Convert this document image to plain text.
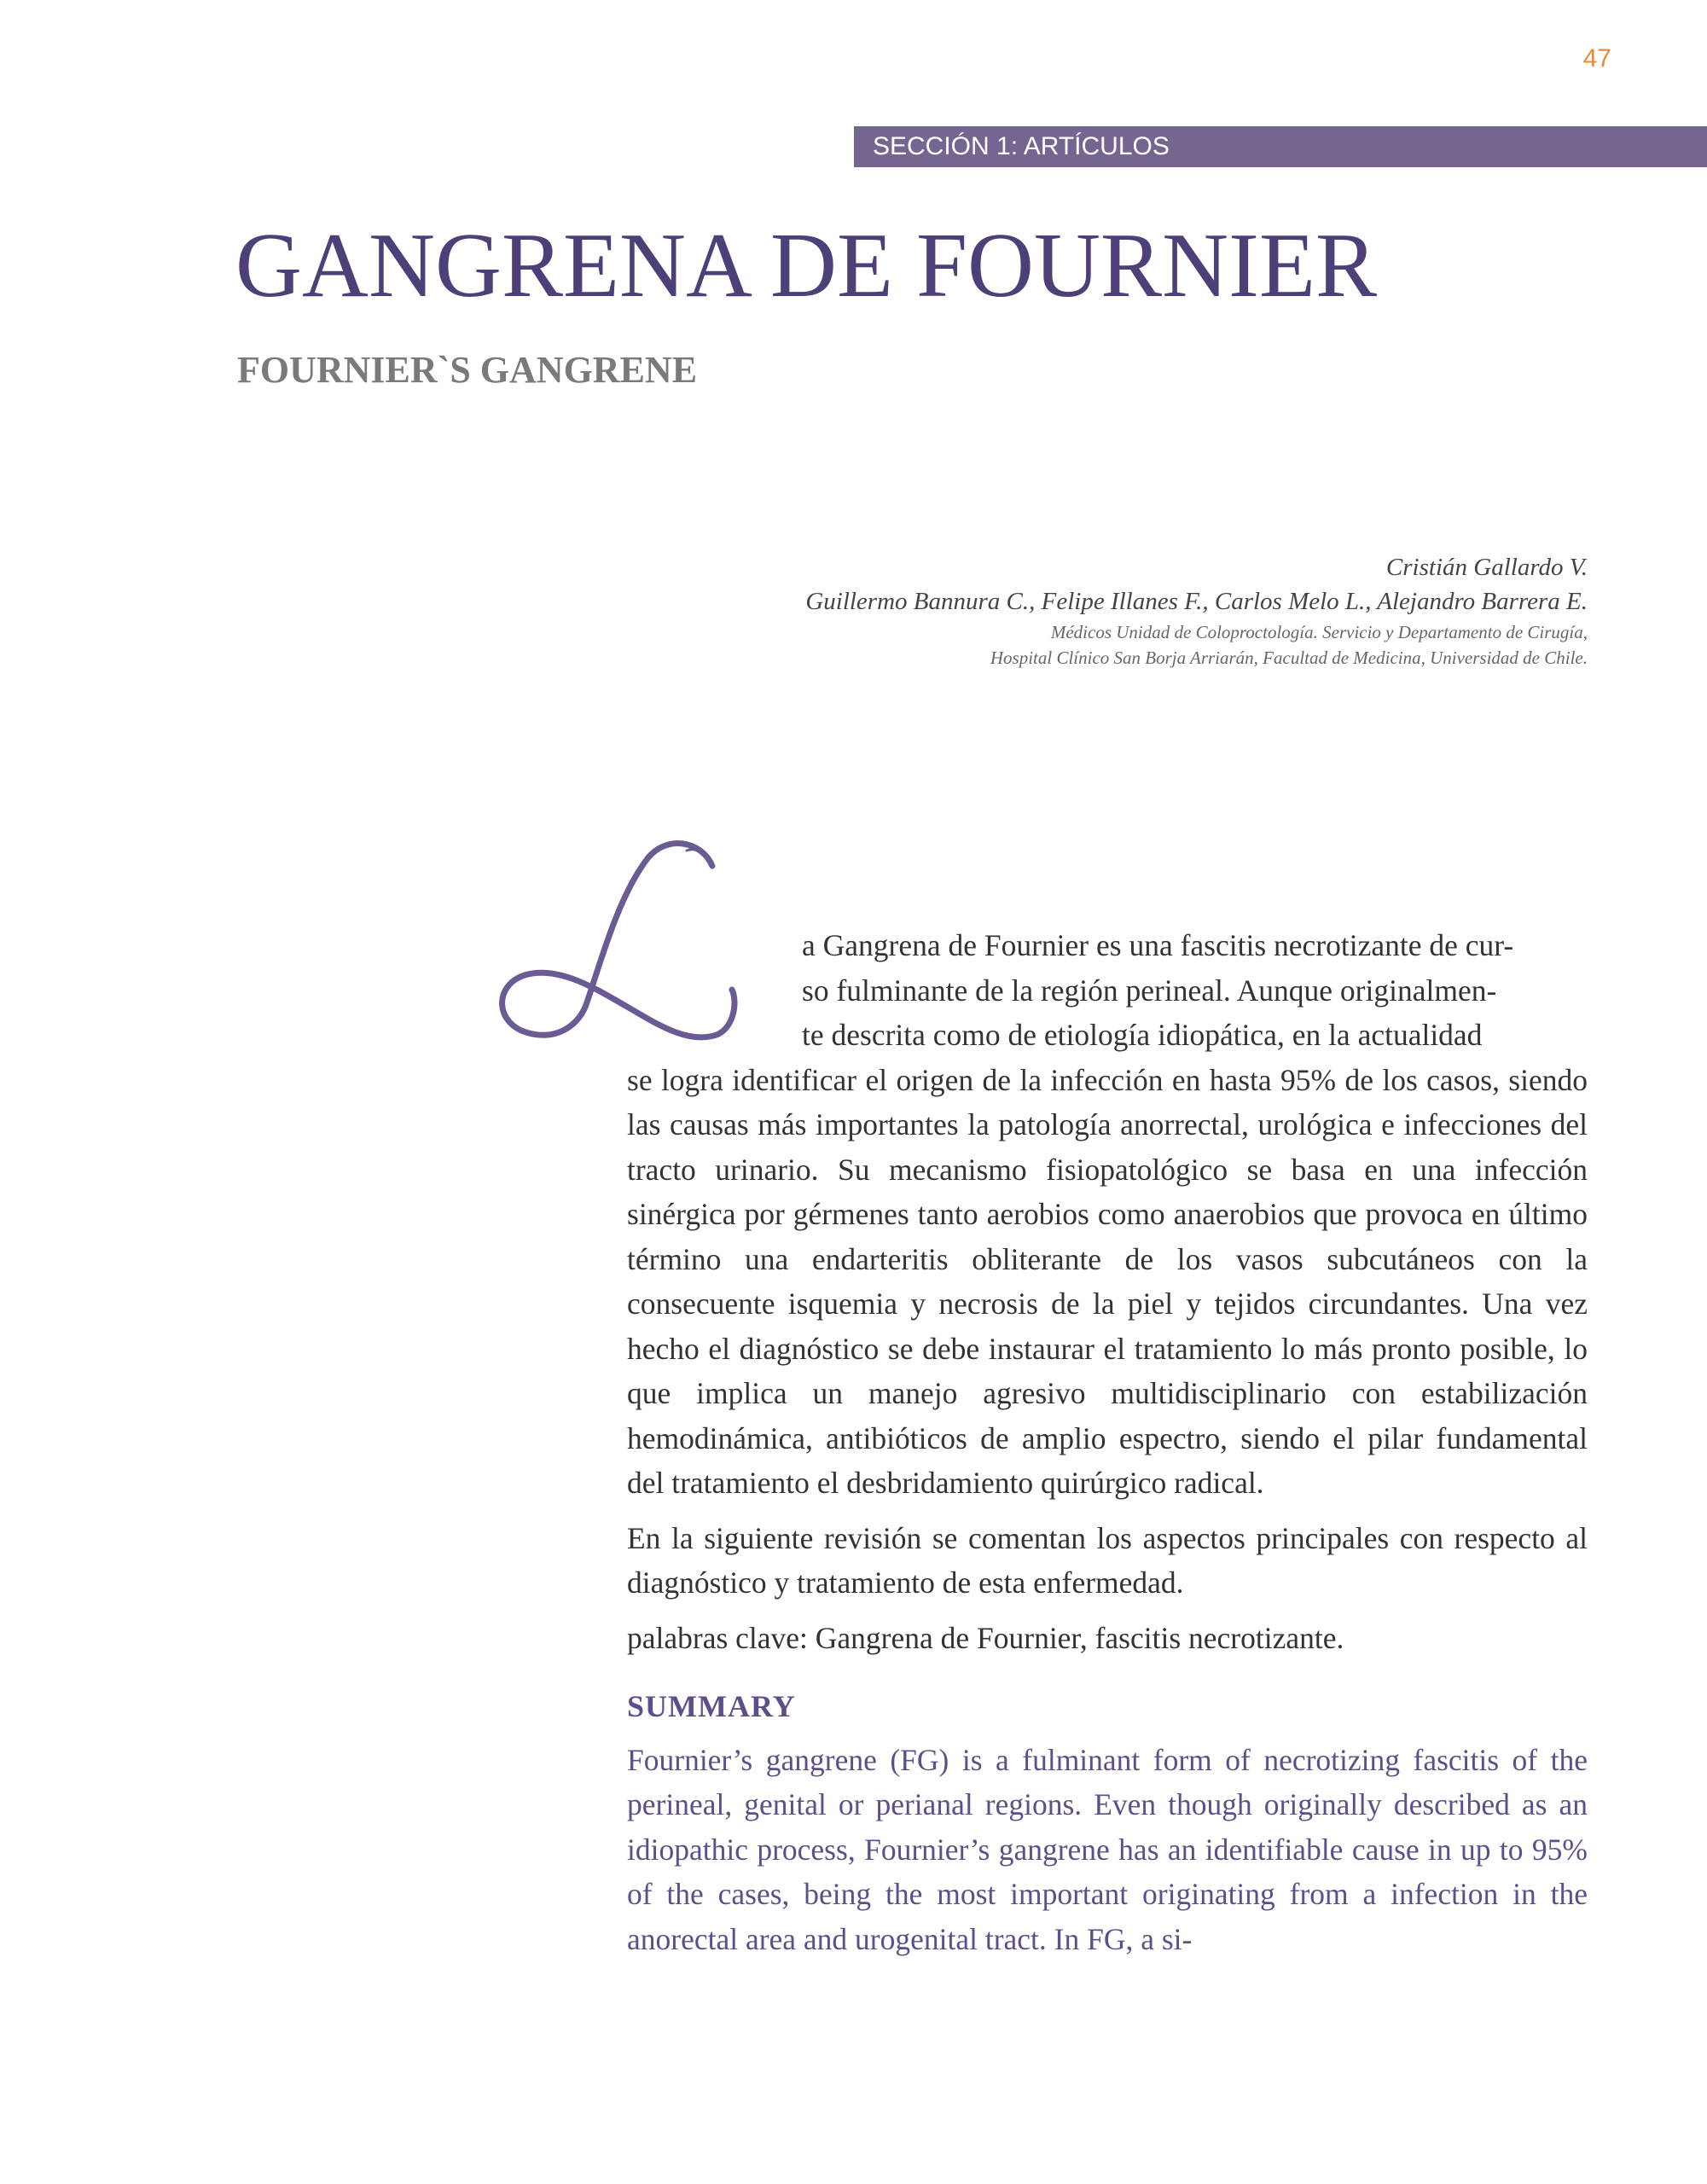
47
SECCIÓN 1: ARTÍCULOS
GANGRENA DE FOURNIER
FOURNIER`S GANGRENE
Cristián Gallardo V.
Guillermo Bannura C., Felipe Illanes F., Carlos Melo L., Alejandro Barrera E.
Médicos Unidad de Coloproctología. Servicio y Departamento de Cirugía,
Hospital Clínico San Borja Arriarán, Facultad de Medicina, Universidad de Chile.

a Gangrena de Fournier es una fascitis necrotizante de cur-
so fulminante de la región perineal. Aunque originalmen-
te descrita como de etiología idiopática, en la actualidad
se logra identificar el origen de la infección en hasta 95% de los casos, siendo las causas más importantes la patología anorrectal, urológica e infecciones del tracto urinario. Su mecanismo fisiopatológico se basa en una infección sinérgica por gérmenes tanto aerobios como anaerobios que provoca en último término una endarteritis obliterante de los vasos subcutáneos con la consecuente isquemia y necrosis de la piel y tejidos circundantes. Una vez hecho el diagnóstico se debe instaurar el tratamiento lo más pronto posible, lo que implica un manejo agresivo multidisciplinario con estabilización hemodinámica, antibióticos de amplio espectro, siendo el pilar fundamental del tratamiento el desbridamiento quirúrgico radical.

En la siguiente revisión se comentan los aspectos principales con respecto al diagnóstico y tratamiento de esta enfermedad.

palabras clave: Gangrena de Fournier, fascitis necrotizante.

SUMMARY

Fournier’s gangrene (FG) is a fulminant form of necrotizing fascitis of the perineal, genital or perianal regions. Even though originally described as an idiopathic process, Fournier’s gangrene has an identifiable cause in up to 95% of the cases, being the most important originating from a infection in the anorectal area and urogenital tract. In FG, a si-
